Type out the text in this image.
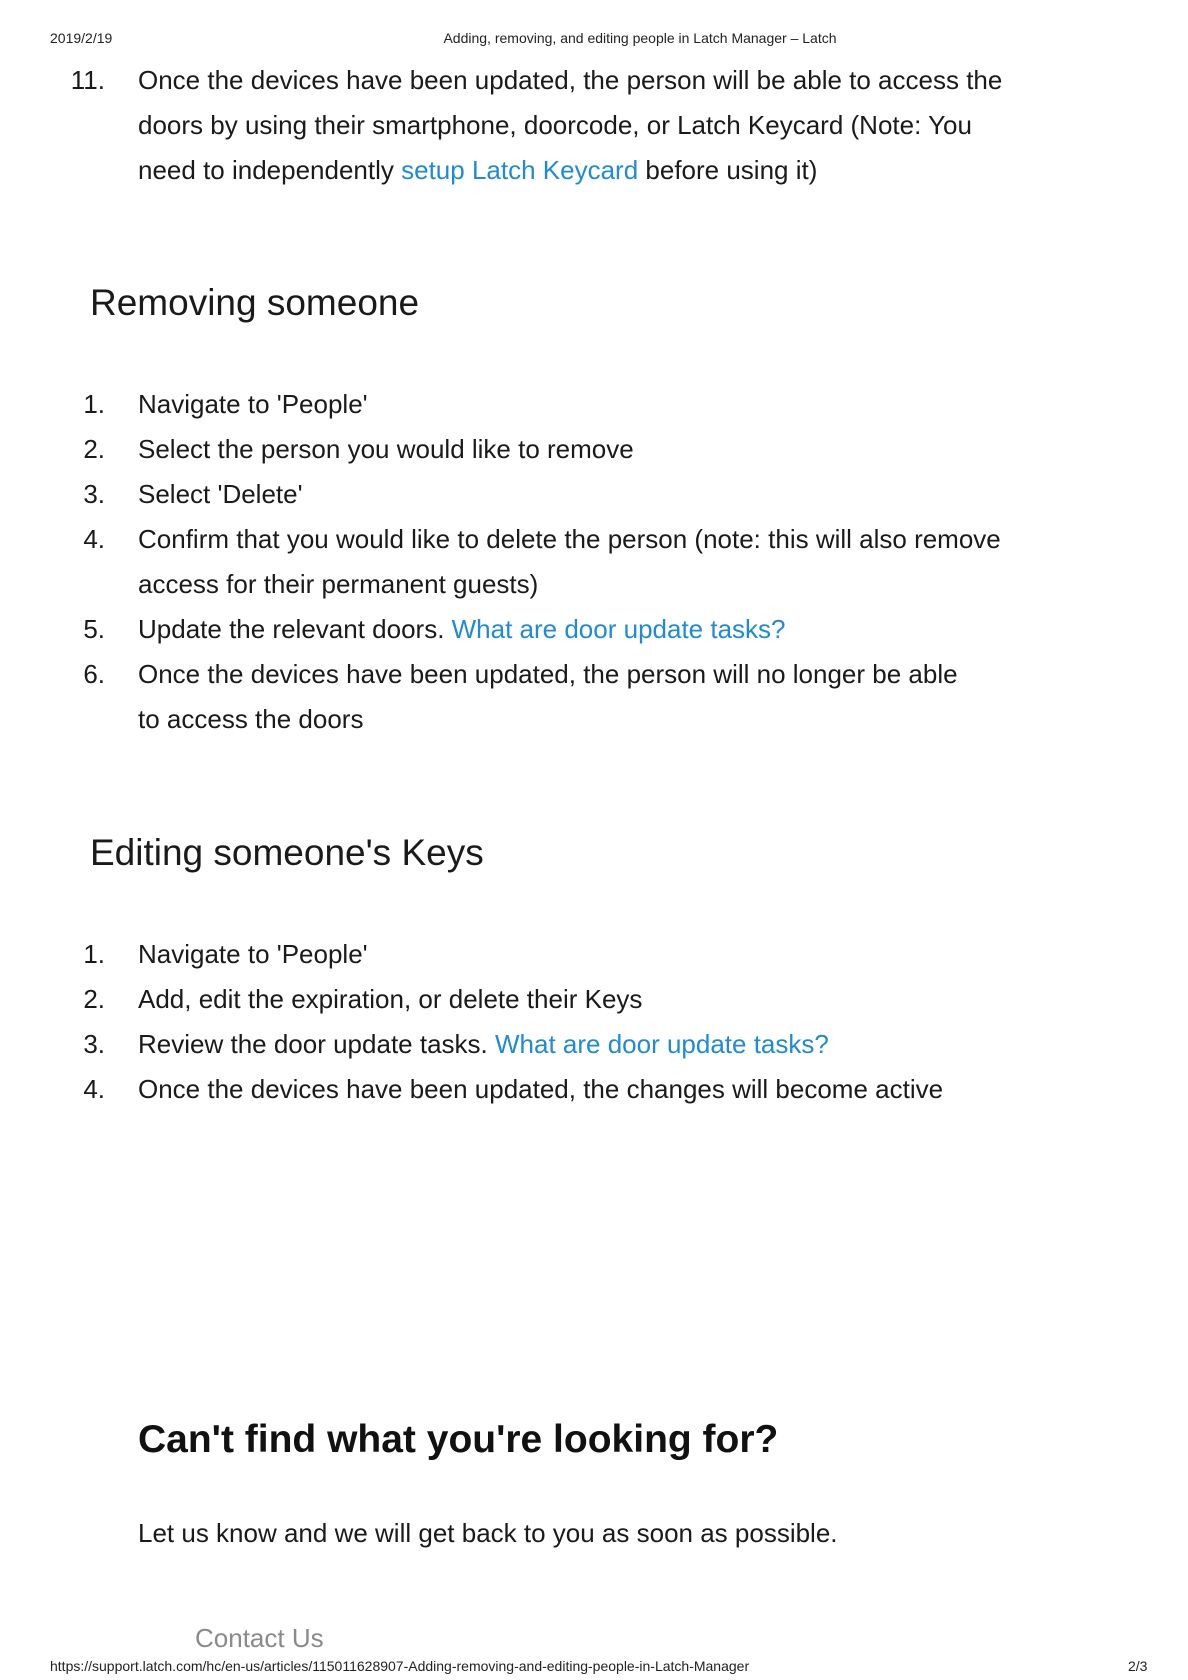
2019/2/19	Adding, removing, and editing people in Latch Manager – Latch
11. Once the devices have been updated, the person will be able to access the
doors by using their smartphone, doorcode, or Latch Keycard (Note: You
need to independently setup Latch Keycard before using it)
Removing someone
1. Navigate to 'People'
2. Select the person you would like to remove
3. Select 'Delete'
4. Confirm that you would like to delete the person (note: this will also remove
access for their permanent guests)
5. Update the relevant doors. What are door update tasks?
6. Once the devices have been updated, the person will no longer be able
to access the doors
Editing someone's Keys
1. Navigate to 'People'
2. Add, edit the expiration, or delete their Keys
3. Review the door update tasks. What are door update tasks?
4. Once the devices have been updated, the changes will become active
Can't find what you're looking for?

Let us know and we will get back to you as soon as possible.

Contact Us
https://support.latch.com/hc/en-us/articles/115011628907-Adding-removing-and-editing-people-in-Latch-Manager	2/3
